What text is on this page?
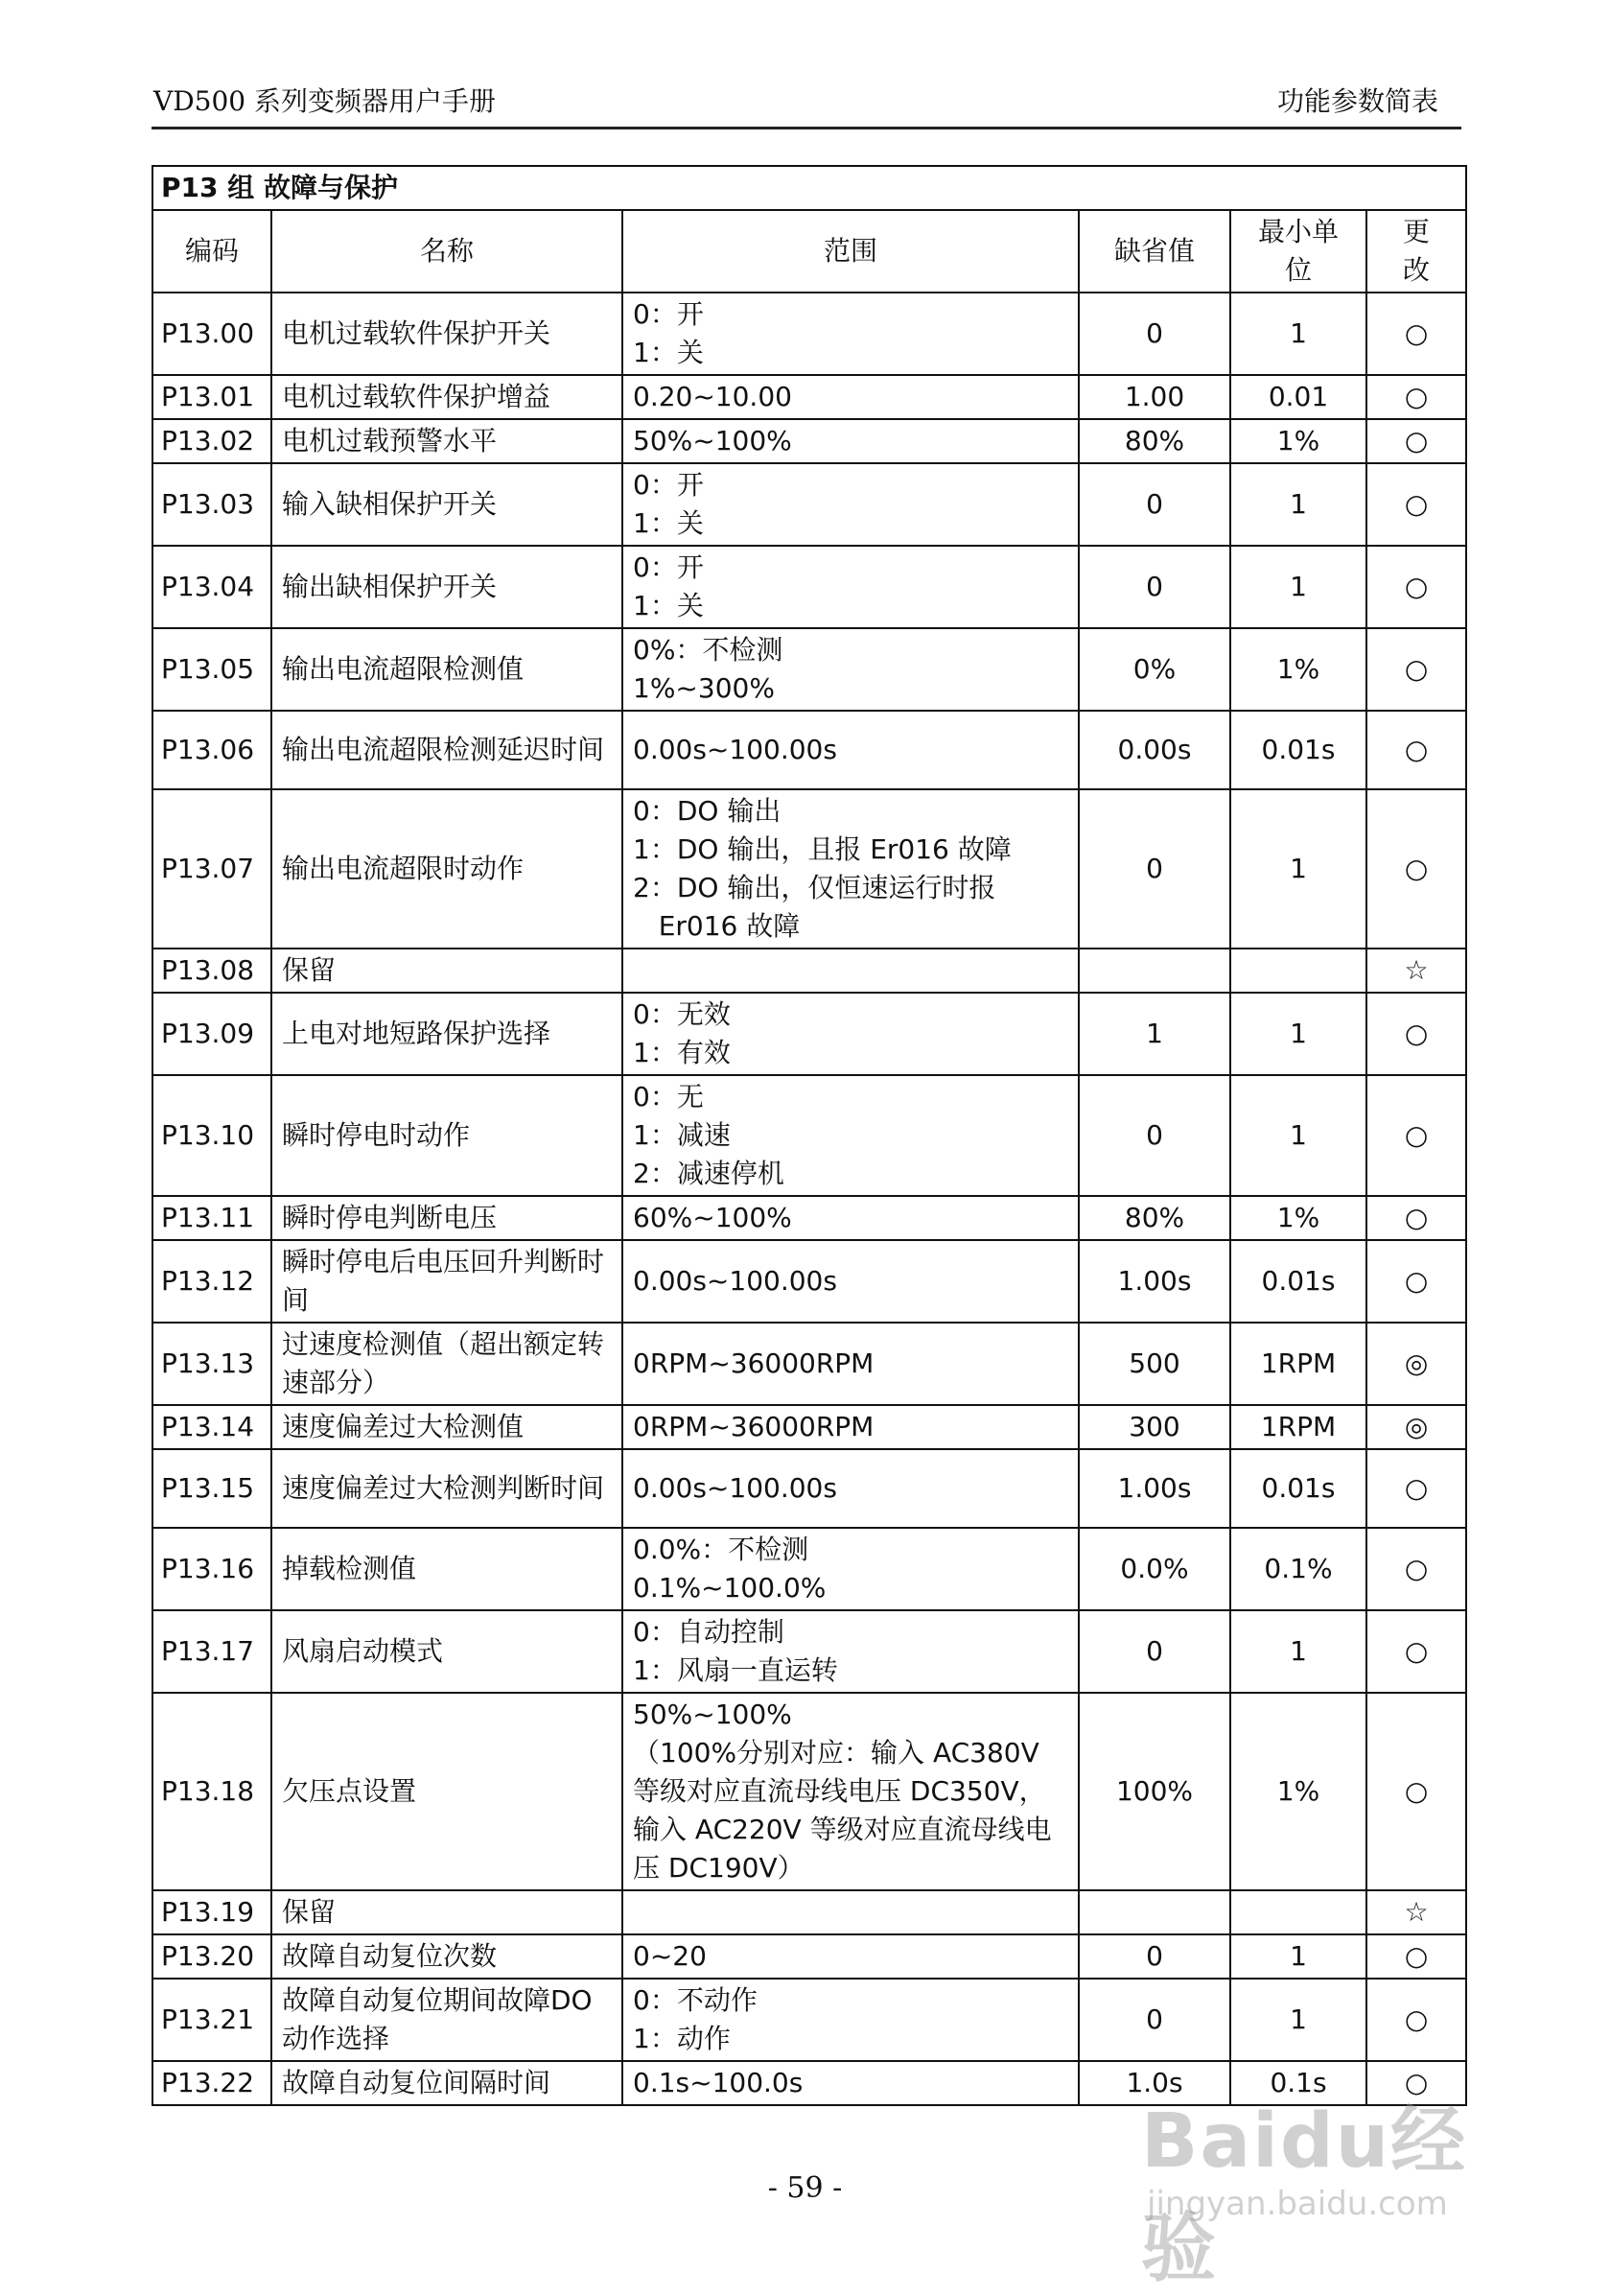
VD500 系列变频器用户手册	功能参数简表
P13 组 故障与保护					
编码	名称	范围	缺省值	最小单位	更改
P13.00	电机过载软件保护开关	0：开
1：关	0	1	○
P13.01	电机过载软件保护增益	0.20~10.00	1.00	0.01	○
P13.02	电机过载预警水平	50%~100%	80%	1%	○
P13.03	输入缺相保护开关	0：开
1：关	0	1	○
P13.04	输出缺相保护开关	0：开
1：关	0	1	○
P13.05	输出电流超限检测值	0%：不检测
1%~300%	0%	1%	○
P13.06	输出电流超限检测延迟时间	0.00s~100.00s	0.00s	0.01s	○
P13.07	输出电流超限时动作	0：DO 输出
1：DO 输出，且报 Er016 故障
2：DO 输出，仅恒速运行时报
Er016 故障	0	1	○
P13.08	保留				☆
P13.09	上电对地短路保护选择	0：无效
1：有效	1	1	○
P13.10	瞬时停电时动作	0：无
1：减速
2：减速停机	0	1	○
P13.11	瞬时停电判断电压	60%~100%	80%	1%	○
P13.12	瞬时停电后电压回升判断时间	0.00s~100.00s	1.00s	0.01s	○
P13.13	过速度检测值（超出额定转速部分）	0RPM~36000RPM	500	1RPM	◎
P13.14	速度偏差过大检测值	0RPM~36000RPM	300	1RPM	◎
P13.15	速度偏差过大检测判断时间	0.00s~100.00s	1.00s	0.01s	○
P13.16	掉载检测值	0.0%：不检测
0.1%~100.0%	0.0%	0.1%	○
P13.17	风扇启动模式	0：自动控制
1：风扇一直运转	0	1	○
P13.18	欠压点设置	50%~100%
（100%分别对应：输入 AC380V
等级对应直流母线电压 DC350V，
输入 AC220V 等级对应直流母线电
压 DC190V）	100%	1%	○
P13.19	保留				☆
P13.20	故障自动复位次数	0~20	0	1	○
P13.21	故障自动复位期间故障DO 动作选择	0：不动作
1：动作	0	1	○
P13.22	故障自动复位间隔时间	0.1s~100.0s	1.0s	0.1s	○
Baidu经验
jingyan.baidu.com
- 59 -
